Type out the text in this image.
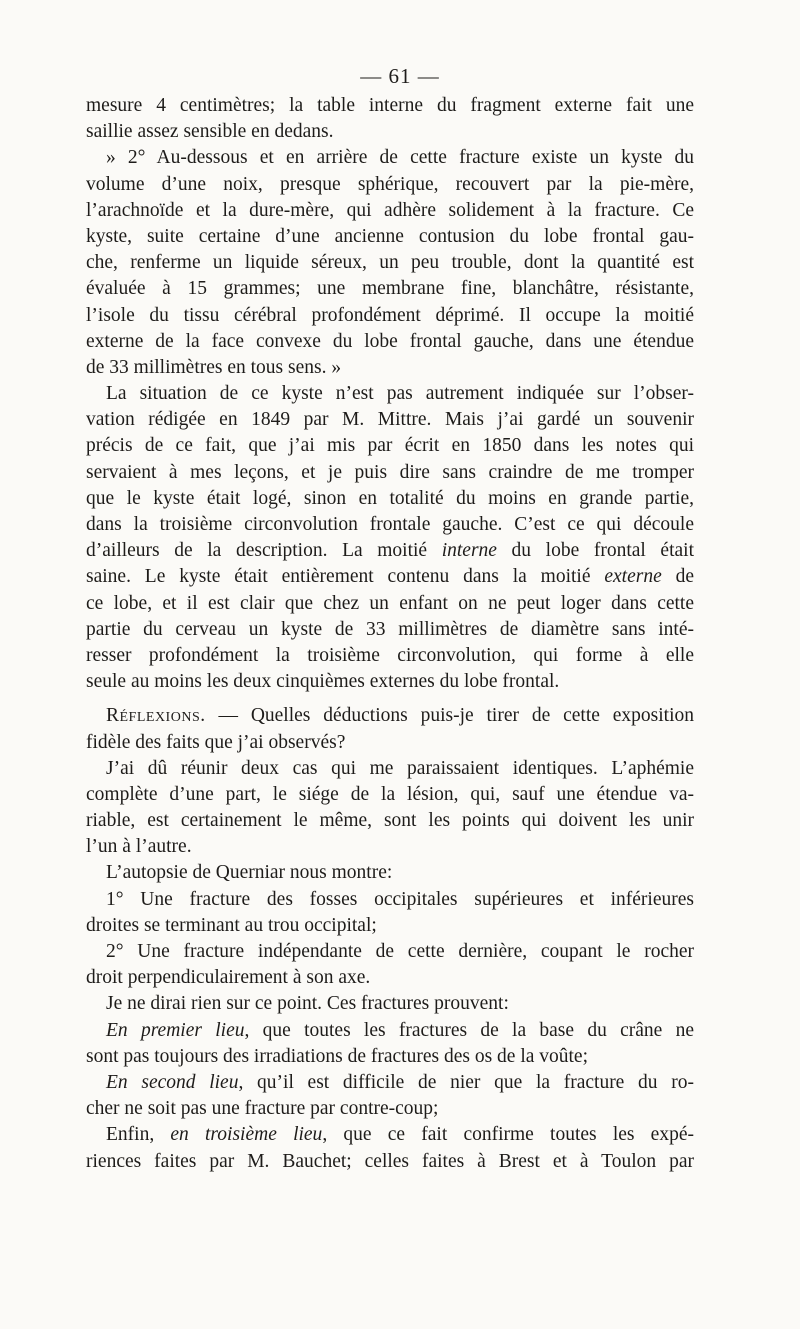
— 61 —
mesure 4 centimètres; la table interne du fragment externe fait une
saillie assez sensible en dedans.
» 2° Au-dessous et en arrière de cette fracture existe un kyste du
volume d’une noix, presque sphérique, recouvert par la pie-mère,
l’arachnoïde et la dure-mère, qui adhère solidement à la fracture. Ce
kyste, suite certaine d’une ancienne contusion du lobe frontal gau-
che, renferme un liquide séreux, un peu trouble, dont la quantité est
évaluée à 15 grammes; une membrane fine, blanchâtre, résistante,
l’isole du tissu cérébral profondément déprimé. Il occupe la moitié
externe de la face convexe du lobe frontal gauche, dans une étendue
de 33 millimètres en tous sens. »
La situation de ce kyste n’est pas autrement indiquée sur l’obser-
vation rédigée en 1849 par M. Mittre. Mais j’ai gardé un souvenir
précis de ce fait, que j’ai mis par écrit en 1850 dans les notes qui
servaient à mes leçons, et je puis dire sans craindre de me tromper
que le kyste était logé, sinon en totalité du moins en grande partie,
dans la troisième circonvolution frontale gauche. C’est ce qui découle
d’ailleurs de la description. La moitié interne du lobe frontal était
saine. Le kyste était entièrement contenu dans la moitié externe de
ce lobe, et il est clair que chez un enfant on ne peut loger dans cette
partie du cerveau un kyste de 33 millimètres de diamètre sans inté-
resser profondément la troisième circonvolution, qui forme à elle
seule au moins les deux cinquièmes externes du lobe frontal.
Réflexions. — Quelles déductions puis-je tirer de cette exposition
fidèle des faits que j’ai observés?
J’ai dû réunir deux cas qui me paraissaient identiques. L’aphémie
complète d’une part, le siége de la lésion, qui, sauf une étendue va-
riable, est certainement le même, sont les points qui doivent les unir
l’un à l’autre.
L’autopsie de Querniar nous montre:
1° Une fracture des fosses occipitales supérieures et inférieures
droites se terminant au trou occipital;
2° Une fracture indépendante de cette dernière, coupant le rocher
droit perpendiculairement à son axe.
Je ne dirai rien sur ce point. Ces fractures prouvent:
En premier lieu, que toutes les fractures de la base du crâne ne
sont pas toujours des irradiations de fractures des os de la voûte;
En second lieu, qu’il est difficile de nier que la fracture du ro-
cher ne soit pas une fracture par contre-coup;
Enfin, en troisième lieu, que ce fait confirme toutes les expé-
riences faites par M. Bauchet; celles faites à Brest et à Toulon par
